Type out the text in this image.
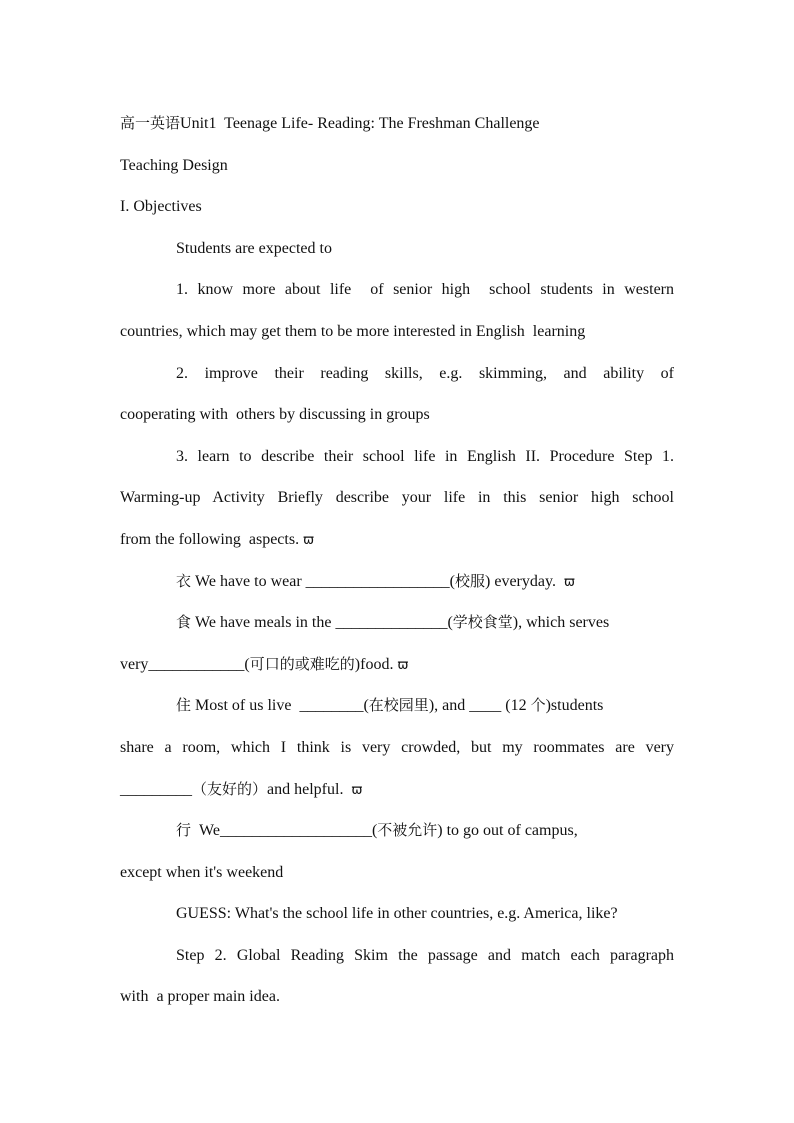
高一英语Unit1  Teenage Life- Reading: The Freshman Challenge
Teaching Design
I. Objectives
Students are expected to
1. know more about life  of senior high  school students in western
countries, which may get them to be more interested in English  learning
2. improve their reading skills, e.g. skimming, and ability of
cooperating with  others by discussing in groups
3. learn to describe their school life in English II. Procedure Step 1.
Warming-up Activity Briefly describe your life in this senior high school
from the following  aspects. ϖ
衣 We have to wear __________________(校服) everyday. ϖ
食 We have meals in the ______________(学校食堂), which serves
very____________(可口的或难吃的)food. ϖ
住 Most of us live  ________(在校园里), and ____ (12 个)students
share a room, which I think is very crowded, but my roommates are very
_________（友好的）and helpful. ϖ
行 We___________________(不被允许) to go out of campus,
except when it's weekend
GUESS: What's the school life in other countries, e.g. America, like?
Step 2. Global Reading Skim the passage and match each paragraph
with  a proper main idea.
